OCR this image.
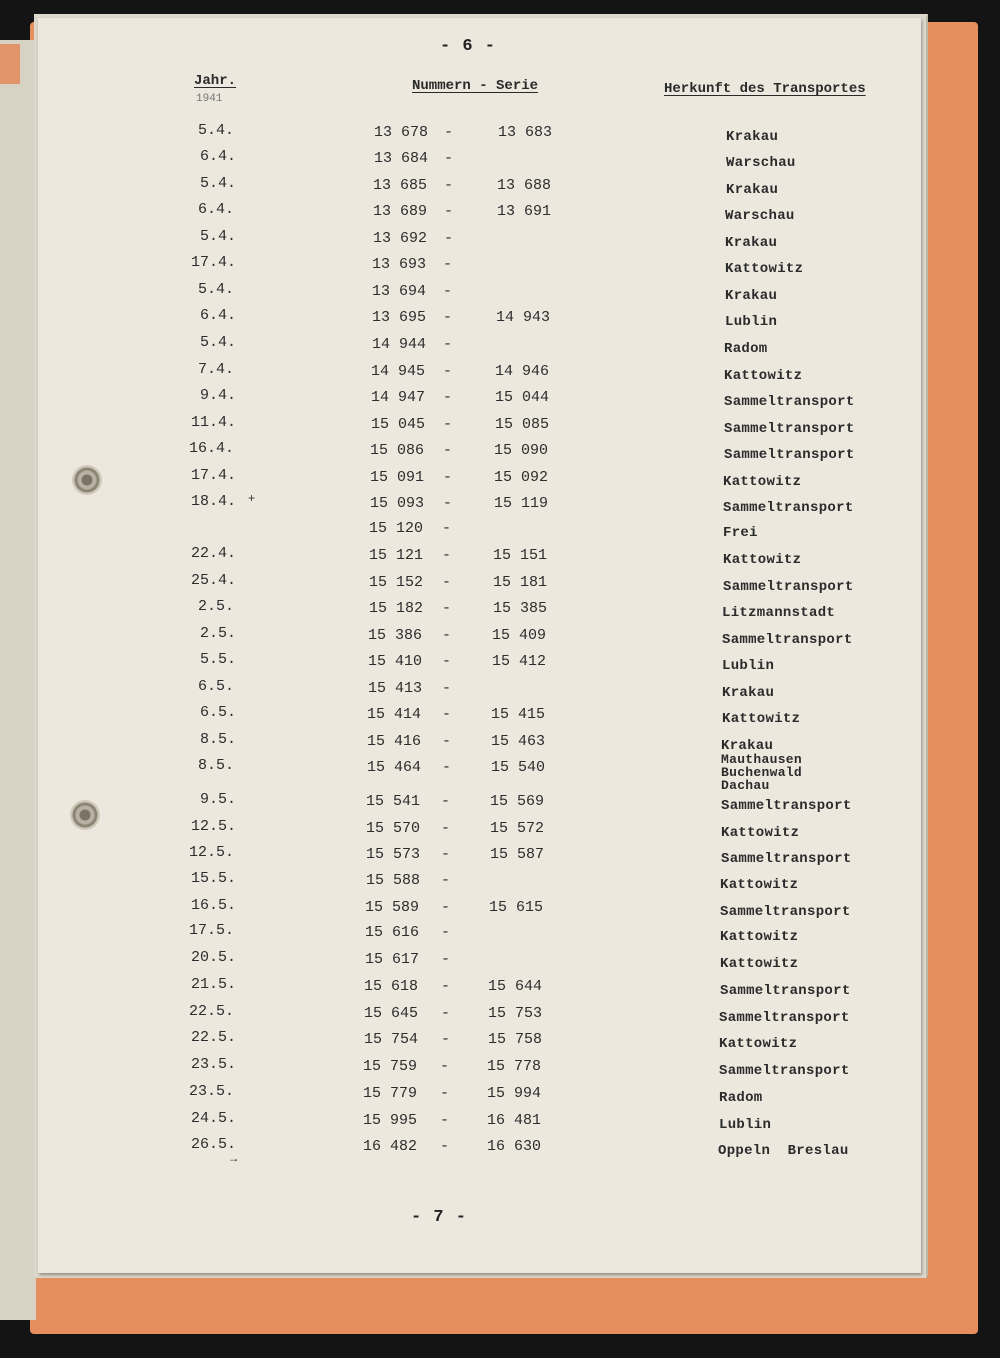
- 6 -
Jahr.
1941
Nummern - Serie	Herkunft des Transportes
5.4.	13 678 -	13 683	Krakau
6.4.	13 684 -	Warschau
5.4.	13 685 -	13 688	Krakau
6.4.	13 689 -	13 691	Warschau
5.4.	13 692 -	Krakau
17.4.	13 693 -	Kattowitz
5.4.	13 694 -	Krakau
6.4.	13 695 -	14 943	Lublin
5.4.	14 944 -	Radom
7.4.	14 945 -	14 946	Kattowitz
9.4.	14 947 -	15 044	Sammeltransport
11.4.	15 045 -	15 085	Sammeltransport
16.4.	15 086 -	15 090	Sammeltransport
17.4.	15 091 -	15 092	Kattowitz
18.4.	15 093 -	15 119	Sammeltransport
15 120 -	Frei
22.4.	15 121 -	15 151	Kattowitz
25.4.	15 152 -	15 181	Sammeltransport
2.5.	15 182 -	15 385	Litzmannstadt
2.5.	15 386 -	15 409	Sammeltransport
5.5.	15 410 -	15 412	Lublin
6.5.	15 413 -	Krakau
6.5.	15 414 -	15 415	Kattowitz
8.5.	15 416 -	15 463	Krakau
8.5.	15 464 -	15 540	Mauthausen
Buchenwald
Dachau
9.5.	15 541 -	15 569	Sammeltransport
12.5.	15 570 -	15 572	Kattowitz
12.5.	15 573 -	15 587	Sammeltransport
15.5.	15 588 -	Kattowitz
16.5.	15 589 -	15 615	Sammeltransport
17.5.	15 616 -	Kattowitz
20.5.	15 617 -	Kattowitz
21.5.	15 618 -	15 644	Sammeltransport
22.5.	15 645 -	15 753	Sammeltransport
22.5.	15 754 -	15 758	Kattowitz
23.5.	15 759 -	15 778	Sammeltransport
23.5.	15 779 -	15 994	Radom
24.5.	15 995 -	16 481	Lublin
26.5.	16 482 -	16 630	Oppeln  Breslau
+
→
- 7 -
